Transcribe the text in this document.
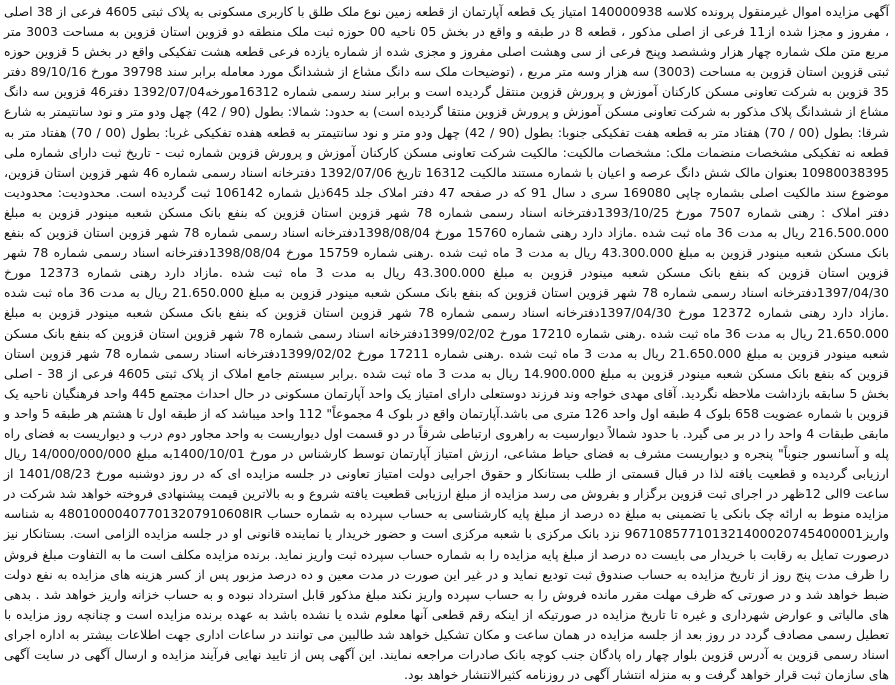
آگهی مزایده اموال غیرمنقول پرونده کلاسه 140000938 امتیاز یک قطعه آپارتمان از قطعه زمین نوع ملک طلق با کاربری مسکونی به پلاک ثبتی 4605 فرعی از 38 اصلی ، مفروز و مجزا شده از11 فرعی از اصلی مذکور ، قطعه 8 در طبقه و واقع در بخش 05 ناحیه 00 حوزه ثبت ملک منطقه دو قزوین استان قزوین به مساحت 3003 متر مربع متن ملک شماره چهار هزار وششصد وپنج فرعی از سی وهشت اصلی مفروز و مجزی شده از شماره یازده فرعی قطعه هشت تفکیکی واقع در بخش 5 قزوین حوزه ثبتی قزوین استان قزوین به مساحت (3003) سه هزار وسه متر مربع ، (توضیحات ملک سه دانگ مشاع از ششدانگ مورد معامله برابر سند 39798 مورخ 89/10/16 دفتر 35 قزوین به شرکت تعاونی مسکن کارکنان آموزش و پرورش قزوین منتقل گردیده است و برابر سند رسمی شماره 16312مورخه1392/07/04 دفتر46 قزوین سه دانگ مشاع از ششدانگ پلاک مذکور به شرکت تعاونی مسکن آموزش و پرورش قزوین منتقا گردیده است) به حدود: شمالا: بطول (90 / 42) چهل ودو متر و نود سانتیمتر به شارع شرقا: بطول (00 / 70) هفتاد متر به قطعه هفت تفکیکی جنوبا: بطول (90 / 42) چهل ودو متر و نود سانتیمتر به قطعه هفده تفکیکی غربا: بطول (00 / 70) هفتاد متر به قطعه نه تفکیکی مشخصات منضمات ملک: مشخصات مالکیت: مالکیت شرکت تعاونی مسکن کارکنان آموزش و پرورش قزوین شماره ثبت - تاریخ ثبت دارای شماره ملی 10980038395 بعنوان مالک شش دانگ عرصه و اعیان با شماره مستند مالکیت 16312 تاریخ 1392/07/06 دفترخانه اسناد رسمی شماره 46 شهر قزوین استان قزوین، موضوع سند مالکیت اصلی بشماره چاپی 169080 سری د سال 91 که در صفحه 47 دفتر املاک جلد 645ذیل شماره 106142 ثبت گردیده است. محدودیت: محدودیت دفتر املاک : رهنی شماره 7507 مورخ 1393/10/25دفترخانه اسناد رسمی شماره 78 شهر قزوین استان قزوین که بنفع بانک مسکن شعبه مینودر قزوین به مبلغ 216.500.000 ریال به مدت 36 ماه ثبت شده .مازاد دارد رهنی شماره 15760 مورخ 1398/08/04دفترخانه اسناد رسمی شماره 78 شهر قزوین استان قزوین که بنفع بانک مسکن شعبه مینودر قزوین به مبلغ 43.300.000 ریال به مدت 3 ماه ثبت شده .رهنی شماره 15759 مورخ 1398/08/04دفترخانه اسناد رسمی شماره 78 شهر قزوین استان قزوین که بنفع بانک مسکن شعبه مینودر قزوین به مبلغ 43.300.000 ریال به مدت 3 ماه ثبت شده .مازاد دارد رهنی شماره 12373 مورخ 1397/04/30دفترخانه اسناد رسمی شماره 78 شهر قزوین استان قزوین که بنفع بانک مسکن شعبه مینودر قزوین به مبلغ 21.650.000 ریال به مدت 36 ماه ثبت شده .مازاد دارد رهنی شماره 12372 مورخ 1397/04/30دفترخانه اسناد رسمی شماره 78 شهر قزوین استان قزوین که بنفع بانک مسکن شعبه مینودر قزوین به مبلغ 21.650.000 ریال به مدت 36 ماه ثبت شده .رهنی شماره 17210 مورخ 1399/02/02دفترخانه اسناد رسمی شماره 78 شهر قزوین استان قزوین که بنفع بانک مسکن شعبه مینودر قزوین به مبلغ 21.650.000 ریال به مدت 3 ماه ثبت شده .رهنی شماره 17211 مورخ 1399/02/02دفترخانه اسناد رسمی شماره 78 شهر قزوین استان قزوین که بنفع بانک مسکن شعبه مینودر قزوین به مبلغ 14.900.000 ریال به مدت 3 ماه ثبت شده .برابر سیستم جامع املاک از پلاک ثبتی 4605 فرعی از 38 - اصلی بخش 5 سابقه بازداشت ملاحظه نگردید. آقای مهدی خواجه وند فرزند دوستعلی دارای امتیاز یک واحد آپارتمان مسکونی در حال احداث مجتمع 445 واحد فرهنگیان ناحیه یک قزوین با شماره عضویت 658 بلوک 4 طبقه اول واحد 126 متری می باشد.آپارتمان واقع در بلوک 4 مجموعاً" 112 واحد میباشد که از طبقه اول تا هشتم هر طبقه 5 واحد و مابقی طبقات 4 واحد را در بر می گیرد. با حدود شمالاً دیوارسیت به راهروی ارتباطی شرقاً در دو قسمت اول دیواریست به واحد مجاور دوم درب و دیواریست به فضای راه پله و آسانسور جنوباً" پنجره و دیواریست مشرف به فضای حیاط مشاعی، ارزش امتیاز آپارتمان توسط کارشناس در مورخ 1400/10/01به مبلغ 14/000/000/000 ریال ارزیابی گردیده و قطعیت یافته لذا در قبال قسمتی از طلب بستانکار و حقوق اجرایی دولت امتیاز تعاونی در جلسه مزایده ای که در روز دوشنبه مورخ 1401/08/23 از ساعت 9الی 12ظهر در اجرای ثبت قزوین برگزار و بفروش می رسد مزایده از مبلغ ارزیابی قطعیت یافته شروع و به بالاترین قیمت پیشنهادی فروخته خواهد شد شرکت در مزایده منوط به ارائه چک بانکی یا تضمینی به مبلغ ده درصد از مبلغ پایه کارشناسی به حساب سپرده به شماره حساب 480100004077013207910608IR به شناسه واریز967108577101321400020745400001 نزد بانک مرکزی با شعبه مرکزی است و حضور خریدار یا نماینده قانونی او در جلسه مزایده الزامی است. بستانکار نیز درصورت تمایل به رقابت با خریدار می بایست ده درصد از مبلغ پایه مزایده را به شماره حساب سپرده ثبت واریز نماید. برنده مزایده مکلف است ما به التفاوت مبلغ فروش را ظرف مدت پنج روز از تاریخ مزایده به حساب صندوق ثبت تودیع نماید و در غیر این صورت در مدت معین و ده درصد مزبور پس از کسر هزینه های مزایده به نفع دولت ضبط خواهد شد و در صورتی که ظرف مهلت مقرر مانده فروش را به حساب سپرده واریز نکند مبلغ مذکور قابل استرداد نبوده و به حساب خزانه واریز خواهد شد . بدهی های مالیاتی و عوارض شهرداری و غیره تا تاریخ مزایده در صورتیکه از اینکه رقم قطعی آنها معلوم شده یا نشده باشد به عهده برنده مزایده است و چنانچه روز مزایده با تعطیل رسمی مصادف گردد در روز بعد از جلسه مزایده در همان ساعت و مکان تشکیل خواهد شد طالبین می توانند در ساعات اداری جهت اطلاعات بیشتر به اداره اجرای اسناد رسمی قزوین به آدرس قزوین بلوار چهار راه پادگان جنب کوچه بانک صادرات مراجعه نمایند. این آگهی پس از تایید نهایی فرآیند مزایده و ارسال آگهی در سایت آگهی های سازمان ثبت قرار خواهد گرفت و به منزله انتشار آگهی در روزنامه کثیرالانتشار خواهد بود.
